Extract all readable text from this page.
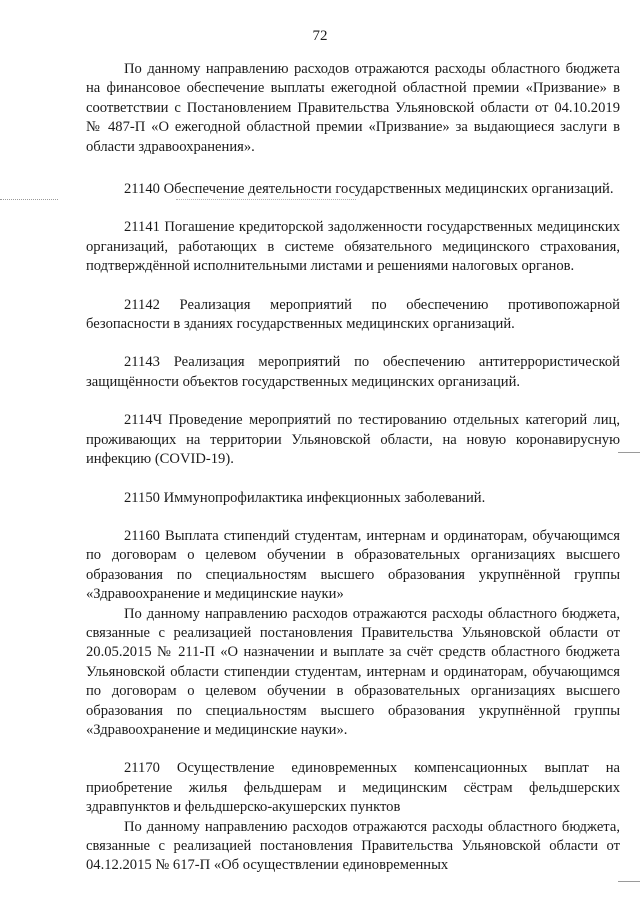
72

По данному направлению расходов отражаются расходы областного бюджета на финансовое обеспечение выплаты ежегодной областной премии «Призвание» в соответствии с Постановлением Правительства Ульяновской области от 04.10.2019 № 487-П «О ежегодной областной премии «Призвание» за выдающиеся заслуги в области здравоохранения».

21140 Обеспечение деятельности государственных медицинских организаций.

21141 Погашение кредиторской задолженности государственных медицинских организаций, работающих в системе обязательного медицинского страхования, подтверждённой исполнительными листами и решениями налоговых органов.

21142 Реализация мероприятий по обеспечению противопожарной безопасности в зданиях государственных медицинских организаций.

21143 Реализация мероприятий по обеспечению антитеррористической защищённости объектов государственных медицинских организаций.

2114Ч Проведение мероприятий по тестированию отдельных категорий лиц, проживающих на территории Ульяновской области, на новую коронавирусную инфекцию (COVID-19).

21150 Иммунопрофилактика инфекционных заболеваний.

21160 Выплата стипендий студентам, интернам и ординаторам, обучающимся по договорам о целевом обучении в образовательных организациях высшего образования по специальностям высшего образования укрупнённой группы «Здравоохранение и медицинские науки»

По данному направлению расходов отражаются расходы областного бюджета, связанные с реализацией постановления Правительства Ульяновской области от 20.05.2015 № 211-П «О назначении и выплате за счёт средств областного бюджета Ульяновской области стипендии студентам, интернам и ординаторам, обучающимся по договорам о целевом обучении в образовательных организациях высшего образования по специальностям высшего образования укрупнённой группы «Здравоохранение и медицинские науки».

21170 Осуществление единовременных компенсационных выплат на приобретение жилья фельдшерам и медицинским сёстрам фельдшерских здравпунктов и фельдшерско-акушерских пунктов

По данному направлению расходов отражаются расходы областного бюджета, связанные с реализацией постановления Правительства Ульяновской области от 04.12.2015 № 617-П «Об осуществлении единовременных
